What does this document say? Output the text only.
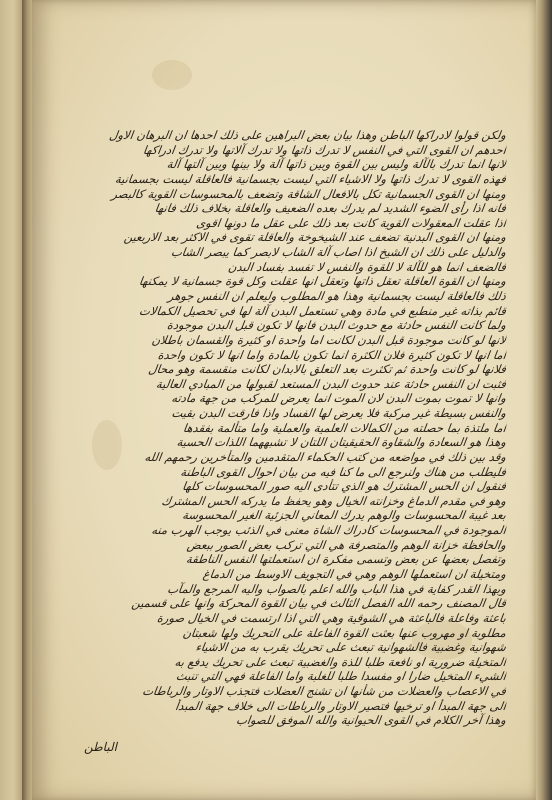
ولكن قولوا لادراكها الباطن وهذا بيان بعض البراهين على ذلك احدها ان البرهان الاول
احدهم ان القوى التي في النفس لا تدرك ذاتها ولا تدرك آلاتها ولا تدرك ادراكها
لانها انما تدرك بالآلة وليس بين القوة وبين ذاتها آلة ولا بينها وبين آلتها آلة
فهذه القوى لا تدرك ذاتها ولا الاشياء التي ليست بجسمانية فالعاقلة ليست بجسمانية
ومنها ان القوى الجسمانية تكل بالافعال الشاقة وتضعف بالمحسوسات القوية كالبصر
فانه اذا رأى الضوء الشديد لم يدرك بعده الضعيف والعاقلة بخلاف ذلك فانها
اذا عقلت المعقولات القوية كانت بعد ذلك على عقل ما دونها اقوى
ومنها ان القوى البدنية تضعف عند الشيخوخة والعاقلة تقوى في الاكثر بعد الاربعين
والدليل على ذلك ان الشيخ اذا اصاب آلة الشاب لابصر كما يبصر الشاب
فالضعف انما هو للآلة لا للقوة والنفس لا تفسد بفساد البدن
ومنها ان القوة العاقلة تعقل ذاتها وتعقل انها عقلت وكل قوة جسمانية لا يمكنها
ذلك فالعاقلة ليست بجسمانية وهذا هو المطلوب وليعلم ان النفس جوهر
قائم بذاته غير منطبع في مادة وهي تستعمل البدن آلة لها في تحصيل الكمالات
ولما كانت النفس حادثة مع حدوث البدن فانها لا تكون قبل البدن موجودة
لانها لو كانت موجودة قبل البدن لكانت اما واحدة او كثيرة والقسمان باطلان
اما انها لا تكون كثيرة فلان الكثرة انما تكون بالمادة واما انها لا تكون واحدة
فلانها لو كانت واحدة ثم تكثرت بعد التعلق بالابدان لكانت منقسمة وهو محال
فثبت ان النفس حادثة عند حدوث البدن المستعد لقبولها من المبادي العالية
وانها لا تموت بموت البدن لان الموت انما يعرض للمركب من جهة مادته
والنفس بسيطة غير مركبة فلا يعرض لها الفساد واذا فارقت البدن بقيت
اما ملتذة بما حصلته من الكمالات العلمية والعملية واما متألمة بفقدها
وهذا هو السعادة والشقاوة الحقيقيتان اللتان لا تشبههما اللذات الحسية
وقد بين ذلك في مواضعه من كتب الحكماء المتقدمين والمتأخرين رحمهم الله
فليطلب من هناك ولنرجع الى ما كنا فيه من بيان احوال القوى الباطنة
فنقول ان الحس المشترك هو الذي تتأدى اليه صور المحسوسات كلها
وهو في مقدم الدماغ وخزانته الخيال وهو يحفظ ما يدركه الحس المشترك
بعد غيبة المحسوسات والوهم يدرك المعاني الجزئية الغير المحسوسة
الموجودة في المحسوسات كادراك الشاة معنى في الذئب يوجب الهرب منه
والحافظة خزانة الوهم والمتصرفة هي التي تركب بعض الصور ببعض
وتفصل بعضها عن بعض وتسمى مفكرة ان استعملتها النفس الناطقة
ومتخيلة ان استعملها الوهم وهي في التجويف الاوسط من الدماغ
وبهذا القدر كفاية في هذا الباب والله اعلم بالصواب واليه المرجع والمآب
قال المصنف رحمه الله الفصل الثالث في بيان القوة المحركة وانها على قسمين
باعثة وفاعلة فالباعثة هي الشوقية وهي التي اذا ارتسمت في الخيال صورة
مطلوبة او مهروب عنها بعثت القوة الفاعلة على التحريك ولها شعبتان
شهوانية وغضبية فالشهوانية تبعث على تحريك يقرب به من الاشياء
المتخيلة ضرورية او نافعة طلبا للذة والغضبية تبعث على تحريك يدفع به
الشيء المتخيل ضارا او مفسدا طلبا للغلبة واما الفاعلة فهي التي تنبث
في الاعصاب والعضلات من شأنها ان تشنج العضلات فتجذب الاوتار والرباطات
الى جهة المبدأ او ترخيها فتصير الاوتار والرباطات الى خلاف جهة المبدأ
وهذا آخر الكلام في القوى الحيوانية والله الموفق للصواب
الباطن
